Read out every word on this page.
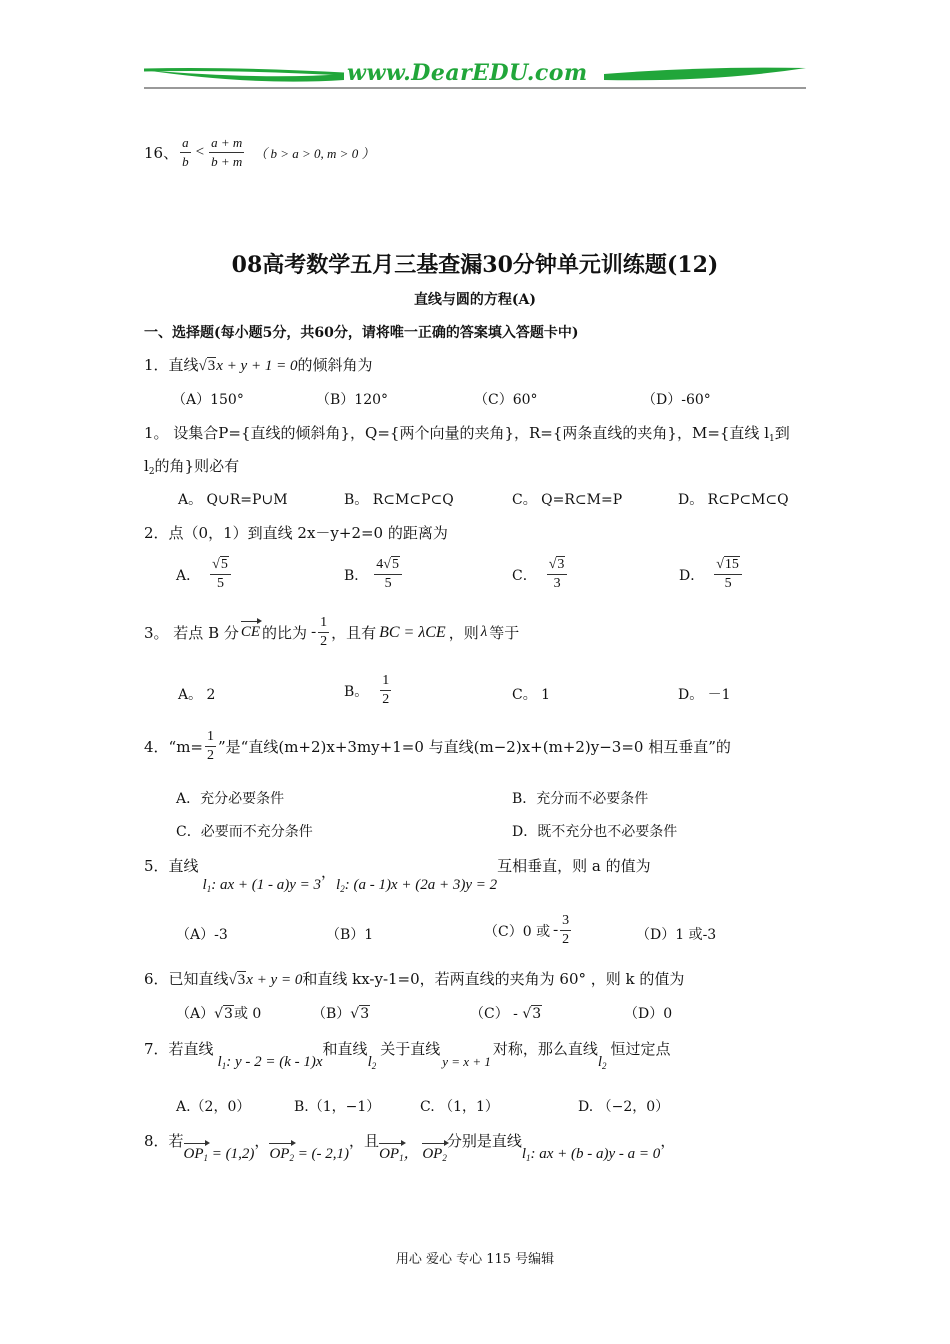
www.DearEDU.com
16、 $\frac{a}{b} < \frac{a + m}{b + m}$ （ b > a > 0, m > 0 ）
08高考数学五月三基查漏30分钟单元训练题(12)
直线与圆的方程(A)
一、选择题(每小题5分，共60分，请将唯一正确的答案填入答题卡中)
1．直线√3x + y + 1 = 0的倾斜角为
（A）150°	（B）120°	（C）60°	（D）-60°
1。 设集合P={直线的倾斜角}，Q={两个向量的夹角}，R={两条直线的夹角}，M={直线 $l_1$到
$l_2$的角}则必有
A。 Q∪R=P∪M	B。 R⊂M⊂P⊂Q	C。 Q=R⊂M=P	D。 R⊂P⊂M⊂Q
2．点（0，1）到直线 2x－y+2=0 的距离为
A． $\frac{√5}{5}$	B． $\frac{4√5}{5}$	C． $\frac{√3}{3}$	D． $\frac{√15}{5}$
3。 若点 B 分 CE 的比为 - $\frac{1}{2}$ ，且有 BC = λCE ，则 λ 等于
A。 2	B。 $\frac{1}{2}$	C。 1	D。 －1
4．“$m= \frac{1}{2}$ ”是“直线(m+2)x+3my+1=0 与直线(m−2)x+(m+2)y−3=0 相互垂直”的
A．充分必要条件	B．充分而不必要条件
C．必要而不充分条件	D．既不充分也不必要条件
5．直线$l_1$: ax + (1 - a)y = 3，$l_2$: (a - 1)x + (2a + 3)y = 2互相垂直，则 a 的值为
（A）-3	（B）1	（C）0 或 - $\frac{3}{2}$	（D）1 或-3
6．已知直线√3x + y = 0和直线 kx-y-1=0，若两直线的夹角为 60° ，则 k 的值为
（A）√3或 0	（B）√3	（C） - √3	（D）0
7．若直线$l_1$: y - 2 = (k - 1)x和直线$l_2$关于直线y = x + 1对称，那么直线$l_2$恒过定点
A.（2，0）	B.（1，−1）	C. （1，1）	D. （−2，0）
8．若$OP_1 = (1,2)$，$OP_2$ = (- 2,1)，且$OP_1$， $OP_2$分别是直线$l_1$: ax + (b - a)y - a = 0，
用心 爱心 专心 115 号编辑
